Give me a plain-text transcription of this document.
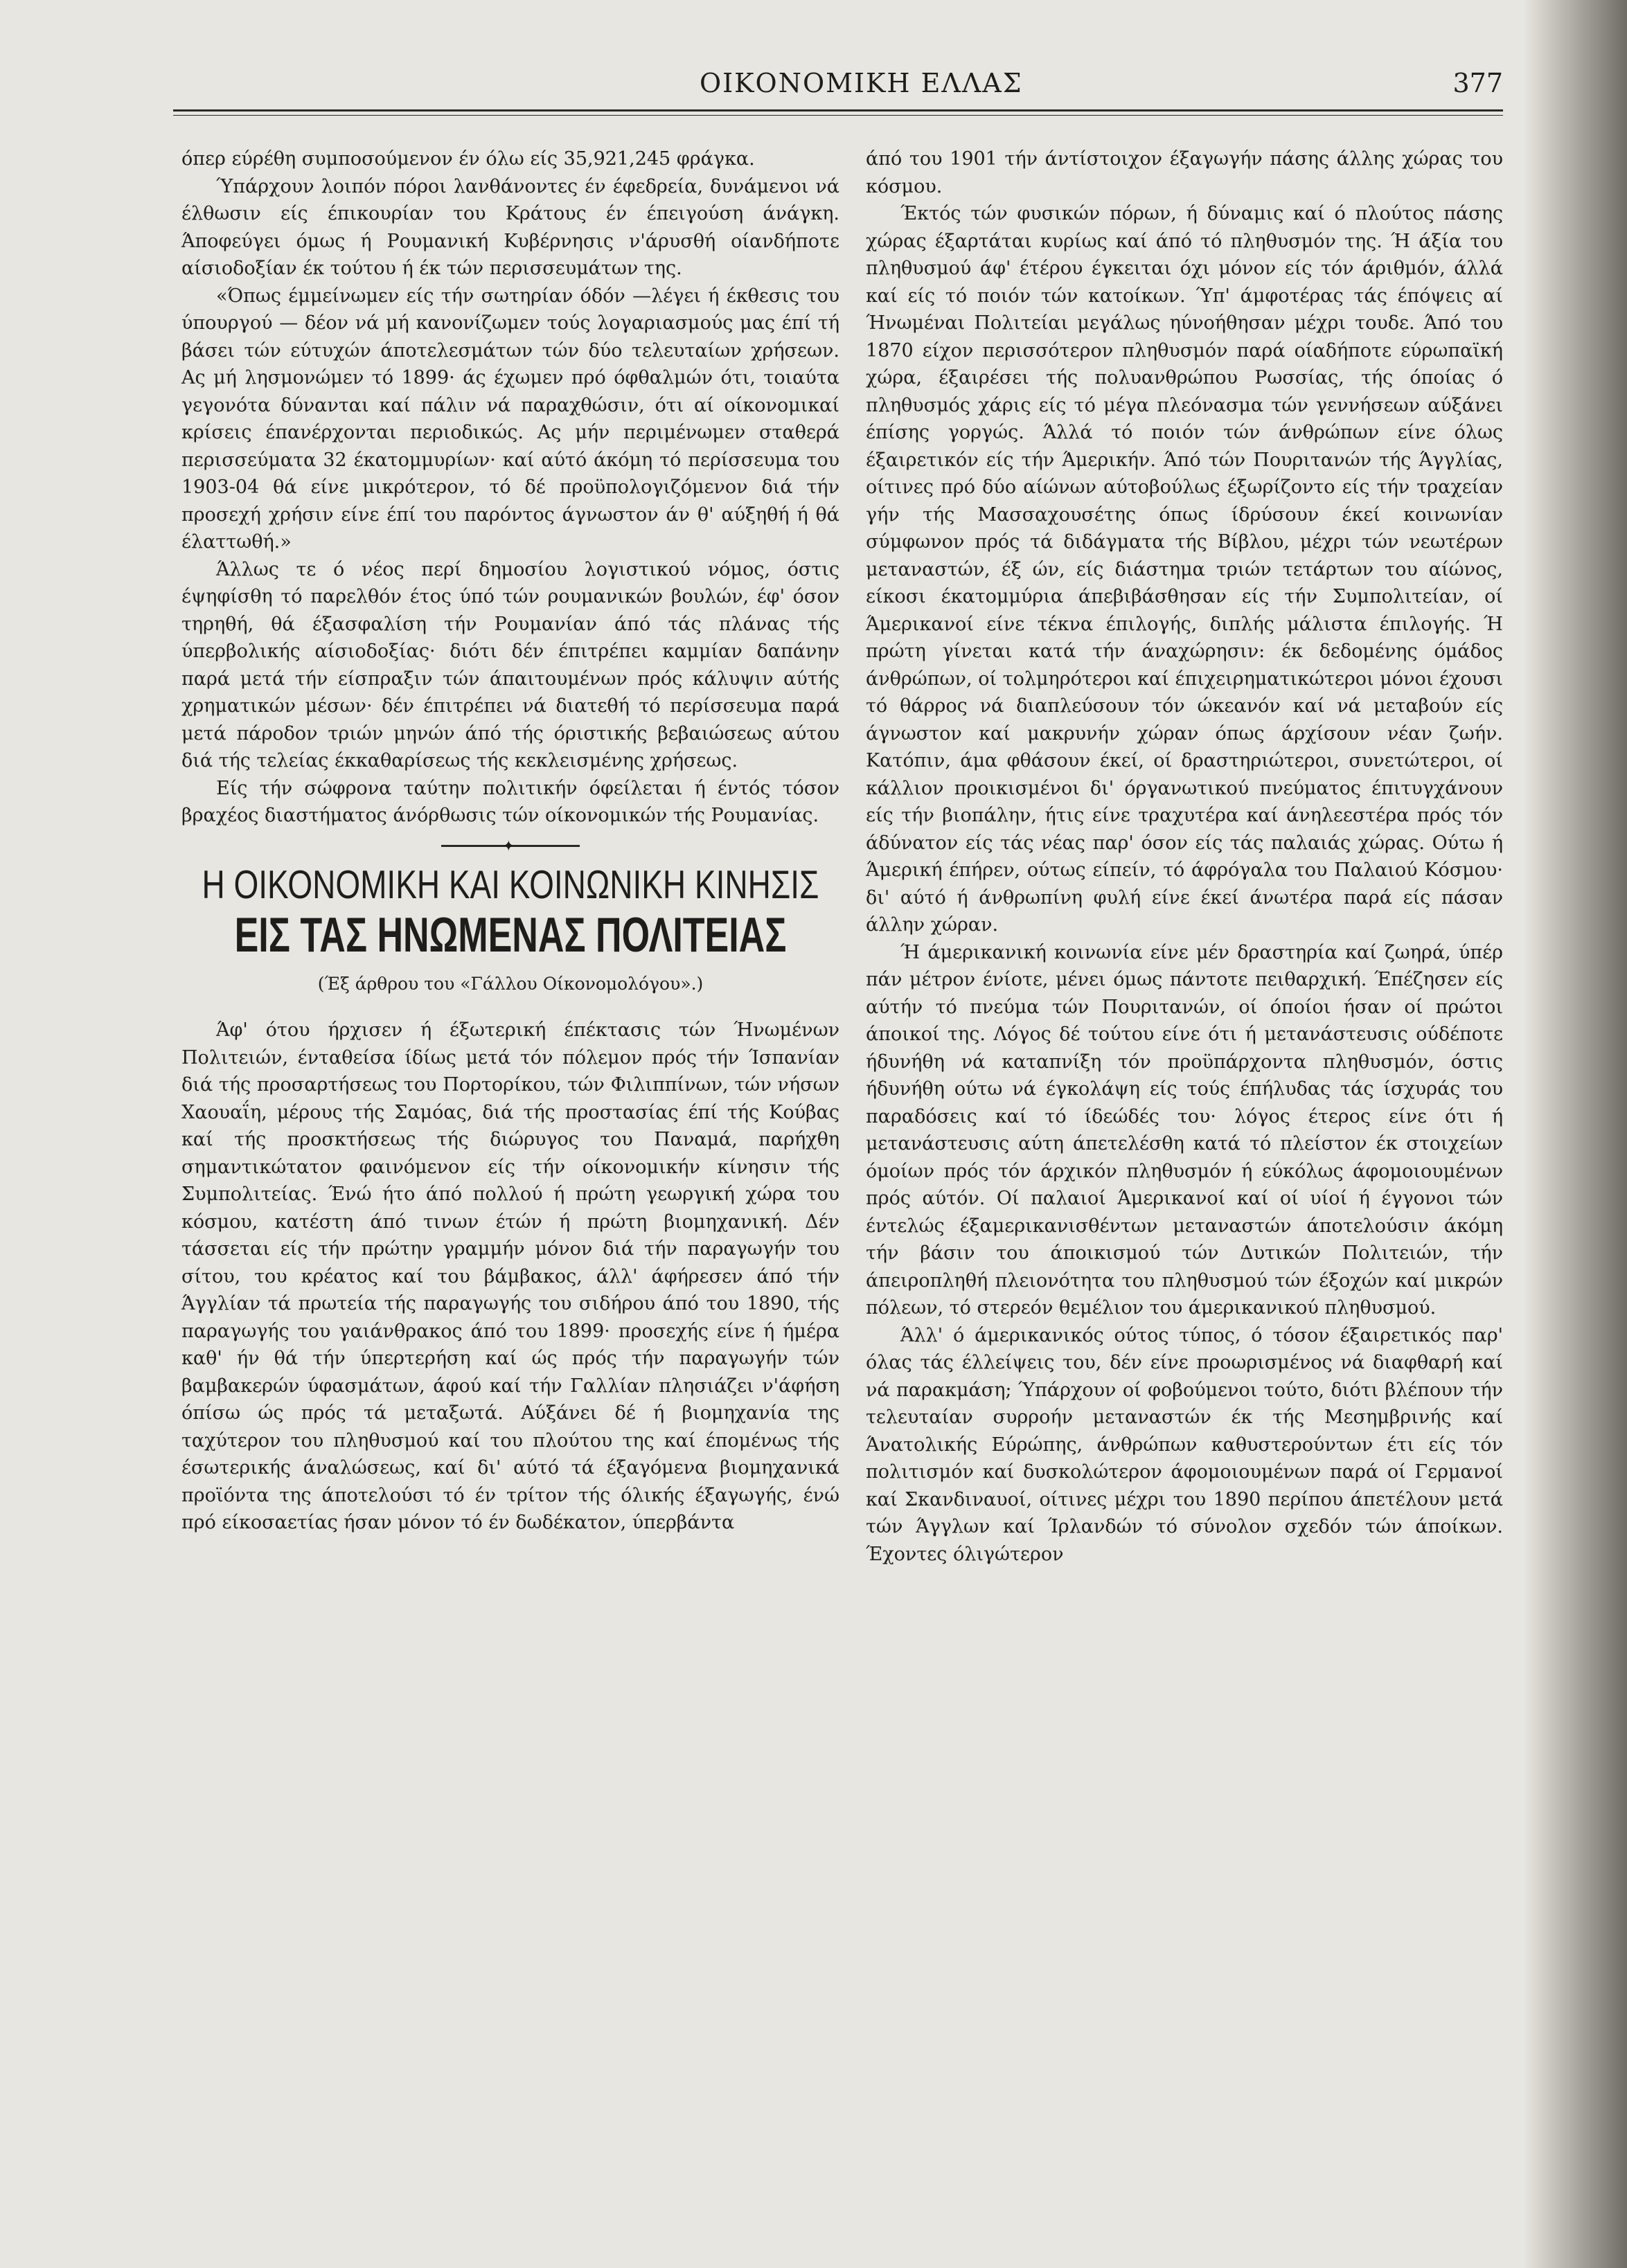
ΟΙΚΟΝΟΜΙΚΗ ΕΛΛΑΣ	377

όπερ εύρέθη συμποσούμενον έν όλω είς 35,921,245 φράγκα.

Ύπάρχουν λοιπόν πόροι λανθάνοντες έν έφεδρεία, δυνάμενοι νά έλθωσιν είς έπικουρίαν του Κράτους έν έπειγούση άνάγκη. Άποφεύγει όμως ή Ρουμανική Κυβέρνησις ν'άρυσθή οίανδήποτε αίσιοδοξίαν έκ τούτου ή έκ τών περισσευμάτων της.

«Όπως έμμείνωμεν είς τήν σωτηρίαν όδόν —λέγει ή έκθεσις του ύπουργού — δέον νά μή κανονίζωμεν τούς λογαριασμούς μας έπί τή βάσει τών εύτυχών άποτελεσμάτων τών δύο τελευταίων χρήσεων. Ας μή λησμονώμεν τό 1899· άς έχωμεν πρό όφθαλμών ότι, τοιαύτα γεγονότα δύνανται καί πάλιν νά παραχθώσιν, ότι αί οίκονομικαί κρίσεις έπανέρχονται περιοδικώς. Ας μήν περιμένωμεν σταθερά περισσεύματα 32 έκατομμυρίων· καί αύτό άκόμη τό περίσσευμα του 1903-04 θά είνε μικρότερον, τό δέ προϋπολογιζόμενον διά τήν προσεχή χρήσιν είνε έπί του παρόντος άγνωστον άν θ' αύξηθή ή θά έλαττωθή.»

Άλλως τε ό νέος περί δημοσίου λογιστικού νόμος, όστις έψηφίσθη τό παρελθόν έτος ύπό τών ρουμανικών βουλών, έφ' όσον τηρηθή, θά έξασφαλίση τήν Ρουμανίαν άπό τάς πλάνας τής ύπερβολικής αίσιοδοξίας· διότι δέν έπιτρέπει καμμίαν δαπάνην παρά μετά τήν είσπραξιν τών άπαιτουμένων πρός κάλυψιν αύτής χρηματικών μέσων· δέν έπιτρέπει νά διατεθή τό περίσσευμα παρά μετά πάροδον τριών μηνών άπό τής όριστικής βεβαιώσεως αύτου διά τής τελείας έκκαθαρίσεως τής κεκλεισμένης χρήσεως.

Είς τήν σώφρονα ταύτην πολιτικήν όφείλεται ή έντός τόσον βραχέος διαστήματος άνόρθωσις τών οίκονομικών τής Ρουμανίας.

✦
Η ΟΙΚΟΝΟΜΙΚΗ ΚΑΙ ΚΟΙΝΩΝΙΚΗ ΚΙΝΗΣΙΣ
ΕΙΣ ΤΑΣ ΗΝΩΜΕΝΑΣ ΠΟΛΙΤΕΙΑΣ
(Έξ άρθρου του «Γάλλου Οίκονομολόγου».)

Άφ' ότου ήρχισεν ή έξωτερική έπέκτασις τών Ήνωμένων Πολιτειών, ένταθείσα ίδίως μετά τόν πόλεμον πρός τήν Ίσπανίαν διά τής προσαρτήσεως του Πορτορίκου, τών Φιλιππίνων, τών νήσων Χαουαΐη, μέρους τής Σαμόας, διά τής προστασίας έπί τής Κούβας καί τής προσκτήσεως τής διώρυγος του Παναμά, παρήχθη σημαντικώτατον φαινόμενον είς τήν οίκονομικήν κίνησιν τής Συμπολιτείας. Ένώ ήτο άπό πολλού ή πρώτη γεωργική χώρα του κόσμου, κατέστη άπό τινων έτών ή πρώτη βιομηχανική. Δέν τάσσεται είς τήν πρώτην γραμμήν μόνον διά τήν παραγωγήν του σίτου, του κρέατος καί του βάμβακος, άλλ' άφήρεσεν άπό τήν Άγγλίαν τά πρωτεία τής παραγωγής του σιδήρου άπό του 1890, τής παραγωγής του γαιάνθρακος άπό του 1899· προσεχής είνε ή ήμέρα καθ' ήν θά τήν ύπερτερήση καί ώς πρός τήν παραγωγήν τών βαμβακερών ύφασμάτων, άφού καί τήν Γαλλίαν πλησιάζει ν'άφήση όπίσω ώς πρός τά μεταξωτά. Αύξάνει δέ ή βιομηχανία της ταχύτερον του πληθυσμού καί του πλούτου της καί έπομένως τής έσωτερικής άναλώσεως, καί δι' αύτό τά έξαγόμενα βιομηχανικά προϊόντα της άποτελούσι τό έν τρίτον τής όλικής έξαγωγής, ένώ πρό είκοσαετίας ήσαν μόνον τό έν δωδέκατον, ύπερβάντα

άπό του 1901 τήν άντίστοιχον έξαγωγήν πάσης άλλης χώρας του κόσμου.

Έκτός τών φυσικών πόρων, ή δύναμις καί ό πλούτος πάσης χώρας έξαρτάται κυρίως καί άπό τό πληθυσμόν της. Ή άξία του πληθυσμού άφ' έτέρου έγκειται όχι μόνον είς τόν άριθμόν, άλλά καί είς τό ποιόν τών κατοίκων. Ύπ' άμφοτέρας τάς έπόψεις αί Ήνωμέναι Πολιτείαι μεγάλως ηύνοήθησαν μέχρι τουδε. Άπό του 1870 είχον περισσότερον πληθυσμόν παρά οίαδήποτε εύρωπαϊκή χώρα, έξαιρέσει τής πολυανθρώπου Ρωσσίας, τής όποίας ό πληθυσμός χάρις είς τό μέγα πλεόνασμα τών γεννήσεων αύξάνει έπίσης γοργώς. Άλλά τό ποιόν τών άνθρώπων είνε όλως έξαιρετικόν είς τήν Άμερικήν. Άπό τών Πουριτανών τής Άγγλίας, οίτινες πρό δύο αίώνων αύτοβούλως έξωρίζοντο είς τήν τραχείαν γήν τής Μασσαχουσέτης όπως ίδρύσουν έκεί κοινωνίαν σύμφωνον πρός τά διδάγματα τής Βίβλου, μέχρι τών νεωτέρων μεταναστών, έξ ών, είς διάστημα τριών τετάρτων του αίώνος, είκοσι έκατομμύρια άπεβιβάσθησαν είς τήν Συμπολιτείαν, οί Άμερικανοί είνε τέκνα έπιλογής, διπλής μάλιστα έπιλογής. Ή πρώτη γίνεται κατά τήν άναχώρησιν: έκ δεδομένης όμάδος άνθρώπων, οί τολμηρότεροι καί έπιχειρηματικώτεροι μόνοι έχουσι τό θάρρος νά διαπλεύσουν τόν ώκεανόν καί νά μεταβούν είς άγνωστον καί μακρυνήν χώραν όπως άρχίσουν νέαν ζωήν. Κατόπιν, άμα φθάσουν έκεί, οί δραστηριώτεροι, συνετώτεροι, οί κάλλιον προικισμένοι δι' όργανωτικού πνεύματος έπιτυγχάνουν είς τήν βιοπάλην, ήτις είνε τραχυτέρα καί άνηλεεστέρα πρός τόν άδύνατον είς τάς νέας παρ' όσον είς τάς παλαιάς χώρας. Ούτω ή Άμερική έπήρεν, ούτως είπείν, τό άφρόγαλα του Παλαιού Κόσμου· δι' αύτό ή άνθρωπίνη φυλή είνε έκεί άνωτέρα παρά είς πάσαν άλλην χώραν.

Ή άμερικανική κοινωνία είνε μέν δραστηρία καί ζωηρά, ύπέρ πάν μέτρον ένίοτε, μένει όμως πάντοτε πειθαρχική. Έπέζησεν είς αύτήν τό πνεύμα τών Πουριτανών, οί όποίοι ήσαν οί πρώτοι άποικοί της. Λόγος δέ τούτου είνε ότι ή μετανάστευσις ούδέποτε ήδυνήθη νά καταπνίξη τόν προϋπάρχοντα πληθυσμόν, όστις ήδυνήθη ούτω νά έγκολάψη είς τούς έπήλυδας τάς ίσχυράς του παραδόσεις καί τό ίδεώδές του· λόγος έτερος είνε ότι ή μετανάστευσις αύτη άπετελέσθη κατά τό πλείστον έκ στοιχείων όμοίων πρός τόν άρχικόν πληθυσμόν ή εύκόλως άφομοιουμένων πρός αύτόν. Οί παλαιοί Άμερικανοί καί οί υίοί ή έγγονοι τών έντελώς έξαμερικανισθέντων μεταναστών άποτελούσιν άκόμη τήν βάσιν του άποικισμού τών Δυτικών Πολιτειών, τήν άπειροπληθή πλειονότητα του πληθυσμού τών έξοχών καί μικρών πόλεων, τό στερεόν θεμέλιον του άμερικανικού πληθυσμού.

Άλλ' ό άμερικανικός ούτος τύπος, ό τόσον έξαιρετικός παρ' όλας τάς έλλείψεις του, δέν είνε προωρισμένος νά διαφθαρή καί νά παρακμάση; Ύπάρχουν οί φοβούμενοι τούτο, διότι βλέπουν τήν τελευταίαν συρροήν μεταναστών έκ τής Μεσημβρινής καί Άνατολικής Εύρώπης, άνθρώπων καθυστερούντων έτι είς τόν πολιτισμόν καί δυσκολώτερον άφομοιουμένων παρά οί Γερμανοί καί Σκανδιναυοί, οίτινες μέχρι του 1890 περίπου άπετέλουν μετά τών Άγγλων καί Ίρλανδών τό σύνολον σχεδόν τών άποίκων. Έχοντες όλιγώτερον
